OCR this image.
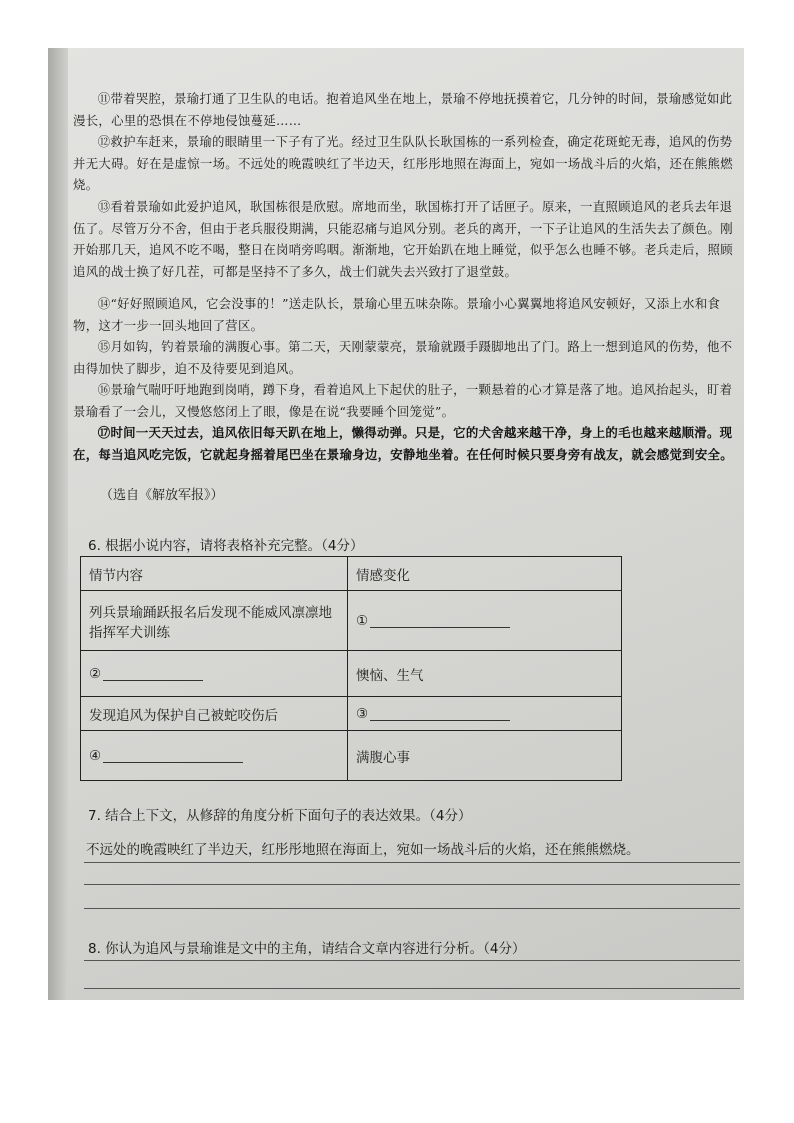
⑪带着哭腔，景瑜打通了卫生队的电话。抱着追风坐在地上，景瑜不停地抚摸着它，几分钟的时间，景瑜感觉如此漫长，心里的恐惧在不停地侵蚀蔓延……

⑫救护车赶来，景瑜的眼睛里一下子有了光。经过卫生队队长耿国栋的一系列检查，确定花斑蛇无毒，追风的伤势并无大碍。好在是虚惊一场。不远处的晚霞映红了半边天，红彤彤地照在海面上，宛如一场战斗后的火焰，还在熊熊燃烧。

⑬看着景瑜如此爱护追风，耿国栋很是欣慰。席地而坐，耿国栋打开了话匣子。原来，一直照顾追风的老兵去年退伍了。尽管万分不舍，但由于老兵服役期满，只能忍痛与追风分别。老兵的离开，一下子让追风的生活失去了颜色。刚开始那几天，追风不吃不喝，整日在岗哨旁呜咽。渐渐地，它开始趴在地上睡觉，似乎怎么也睡不够。老兵走后，照顾追风的战士换了好几茬，可都是坚持不了多久，战士们就失去兴致打了退堂鼓。

⑭“好好照顾追风，它会没事的！”送走队长，景瑜心里五味杂陈。景瑜小心翼翼地将追风安顿好，又添上水和食物，这才一步一回头地回了营区。

⑮月如钩，钓着景瑜的满腹心事。第二天，天刚蒙蒙亮，景瑜就蹑手蹑脚地出了门。路上一想到追风的伤势，他不由得加快了脚步，迫不及待要见到追风。

⑯景瑜气喘吁吁地跑到岗哨，蹲下身，看着追风上下起伏的肚子，一颗悬着的心才算是落了地。追风抬起头，盯着景瑜看了一会儿，又慢悠悠闭上了眼，像是在说“我要睡个回笼觉”。

⑰时间一天天过去，追风依旧每天趴在地上，懒得动弹。只是，它的犬舍越来越干净，身上的毛也越来越顺滑。现在，每当追风吃完饭，它就起身摇着尾巴坐在景瑜身边，安静地坐着。在任何时候只要身旁有战友，就会感觉到安全。

（选自《解放军报》）
6. 根据小说内容，请将表格补充完整。（4分）
情节内容	情感变化
列兵景瑜踊跃报名后发现不能威风凛凛地指挥军犬训练	①
②	懊恼、生气
发现追风为保护自己被蛇咬伤后	③
④	满腹心事
7. 结合上下文，从修辞的角度分析下面句子的表达效果。（4分）
不远处的晚霞映红了半边天，红彤彤地照在海面上，宛如一场战斗后的火焰，还在熊熊燃烧。
8. 你认为追风与景瑜谁是文中的主角，请结合文章内容进行分析。（4分）
